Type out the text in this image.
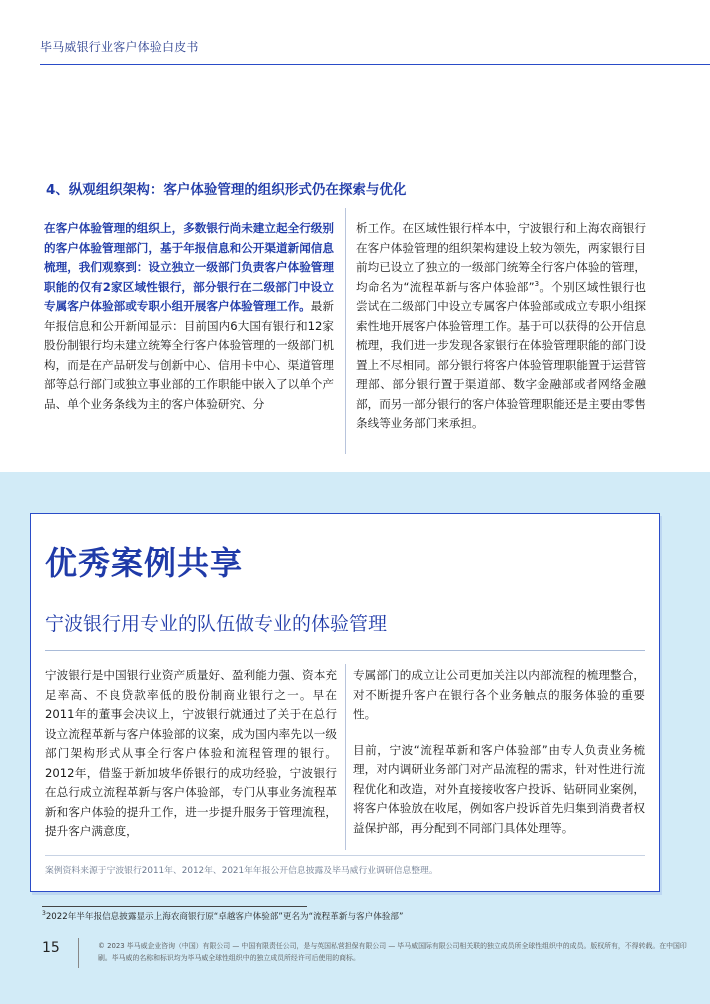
毕马威银行业客户体验白皮书
4、纵观组织架构：客户体验管理的组织形式仍在探索与优化
在客户体验管理的组织上，多数银行尚未建立起全行级别的客户体验管理部门，基于年报信息和公开渠道新闻信息梳理，我们观察到：设立独立一级部门负责客户体验管理职能的仅有2家区域性银行，部分银行在二级部门中设立专属客户体验部或专职小组开展客户体验管理工作。最新年报信息和公开新闻显示：目前国内6大国有银行和12家股份制银行均未建立统筹全行客户体验管理的一级部门机构，而是在产品研发与创新中心、信用卡中心、渠道管理部等总行部门或独立事业部的工作职能中嵌入了以单个产品、单个业务条线为主的客户体验研究、分
析工作。在区域性银行样本中，宁波银行和上海农商银行在客户体验管理的组织架构建设上较为领先，两家银行目前均已设立了独立的一级部门统筹全行客户体验的管理，均命名为“流程革新与客户体验部”$^3$。个别区域性银行也尝试在二级部门中设立专属客户体验部或成立专职小组探索性地开展客户体验管理工作。基于可以获得的公开信息梳理，我们进一步发现各家银行在体验管理职能的部门设置上不尽相同。部分银行将客户体验管理职能置于运营管理部、部分银行置于渠道部、数字金融部或者网络金融部，而另一部分银行的客户体验管理职能还是主要由零售条线等业务部门来承担。
优秀案例共享
宁波银行用专业的队伍做专业的体验管理
宁波银行是中国银行业资产质量好、盈利能力强、资本充足率高、不良贷款率低的股份制商业银行之一。早在2011年的董事会决议上，宁波银行就通过了关于在总行设立流程革新与客户体验部的议案，成为国内率先以一级部门架构形式从事全行客户体验和流程管理的银行。2012年，借鉴于新加坡华侨银行的成功经验，宁波银行在总行成立流程革新与客户体验部，专门从事业务流程革新和客户体验的提升工作，进一步提升服务于管理流程，提升客户满意度，

专属部门的成立让公司更加关注以内部流程的梳理整合，对不断提升客户在银行各个业务触点的服务体验的重要性。

目前，宁波“流程革新和客户体验部”由专人负责业务梳理，对内调研业务部门对产品流程的需求，针对性进行流程优化和改造，对外直接接收客户投诉、钻研同业案例，将客户体验放在收尾，例如客户投诉首先归集到消费者权益保护部，再分配到不同部门具体处理等。

案例资料来源于宁波银行2011年、2012年、2021年年报公开信息披露及毕马威行业调研信息整理。
$^3$2022年半年报信息披露显示上海农商银行原“卓越客户体验部”更名为“流程革新与客户体验部”
15	© 2023 毕马威企业咨询（中国）有限公司 — 中国有限责任公司，是与英国私营担保有限公司 — 毕马威国际有限公司相关联的独立成员所全球性组织中的成员。版权所有，不得转载。在中国印刷。毕马威的名称和标识均为毕马威全球性组织中的独立成员所经许可后使用的商标。
